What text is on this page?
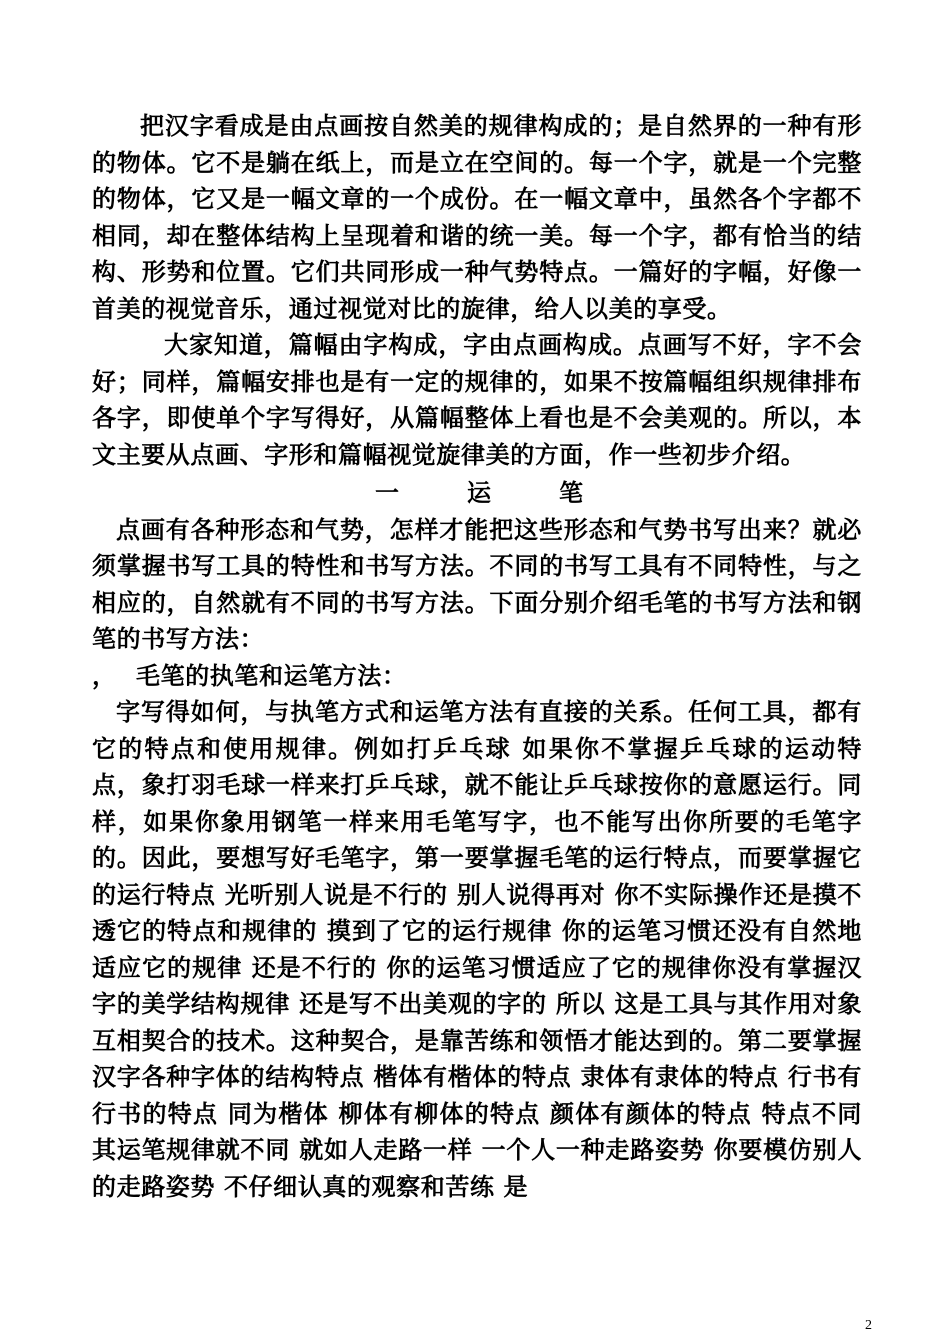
把汉字看成是由点画按自然美的规律构成的；是自然界的一种有形的物体。它不是躺在纸上，而是立在空间的。每一个字，就是一个完整的物体，它又是一幅文章的一个成份。在一幅文章中，虽然各个字都不相同，却在整体结构上呈现着和谐的统一美。每一个字，都有恰当的结构、形势和位置。它们共同形成一种气势特点。一篇好的字幅，好像一首美的视觉音乐，通过视觉对比的旋律，给人以美的享受。

大家知道，篇幅由字构成，字由点画构成。点画写不好，字不会好；同样，篇幅安排也是有一定的规律的，如果不按篇幅组织规律排布各字，即使单个字写得好，从篇幅整体上看也是不会美观的。所以，本文主要从点画、字形和篇幅视觉旋律美的方面，作一些初步介绍。

一	运	笔

点画有各种形态和气势，怎样才能把这些形态和气势书写出来？就必须掌握书写工具的特性和书写方法。不同的书写工具有不同特性，与之相应的，自然就有不同的书写方法。下面分别介绍毛笔的书写方法和钢笔的书写方法：

， 毛笔的执笔和运笔方法：

字写得如何，与执笔方式和运笔方法有直接的关系。任何工具，都有它的特点和使用规律。例如打乒乓球 如果你不掌握乒乓球的运动特点，象打羽毛球一样来打乒乓球，就不能让乒乓球按你的意愿运行。同样，如果你象用钢笔一样来用毛笔写字，也不能写出你所要的毛笔字的。因此，要想写好毛笔字，第一要掌握毛笔的运行特点，而要掌握它的运行特点 光听别人说是不行的 别人说得再对 你不实际操作还是摸不透它的特点和规律的 摸到了它的运行规律 你的运笔习惯还没有自然地适应它的规律 还是不行的 你的运笔习惯适应了它的规律你没有掌握汉字的美学结构规律 还是写不出美观的字的 所以 这是工具与其作用对象互相契合的技术。这种契合，是靠苦练和领悟才能达到的。第二要掌握汉字各种字体的结构特点 楷体有楷体的特点 隶体有隶体的特点 行书有行书的特点 同为楷体 柳体有柳体的特点 颜体有颜体的特点 特点不同 其运笔规律就不同 就如人走路一样 一个人一种走路姿势 你要模仿别人的走路姿势 不仔细认真的观察和苦练 是

2
